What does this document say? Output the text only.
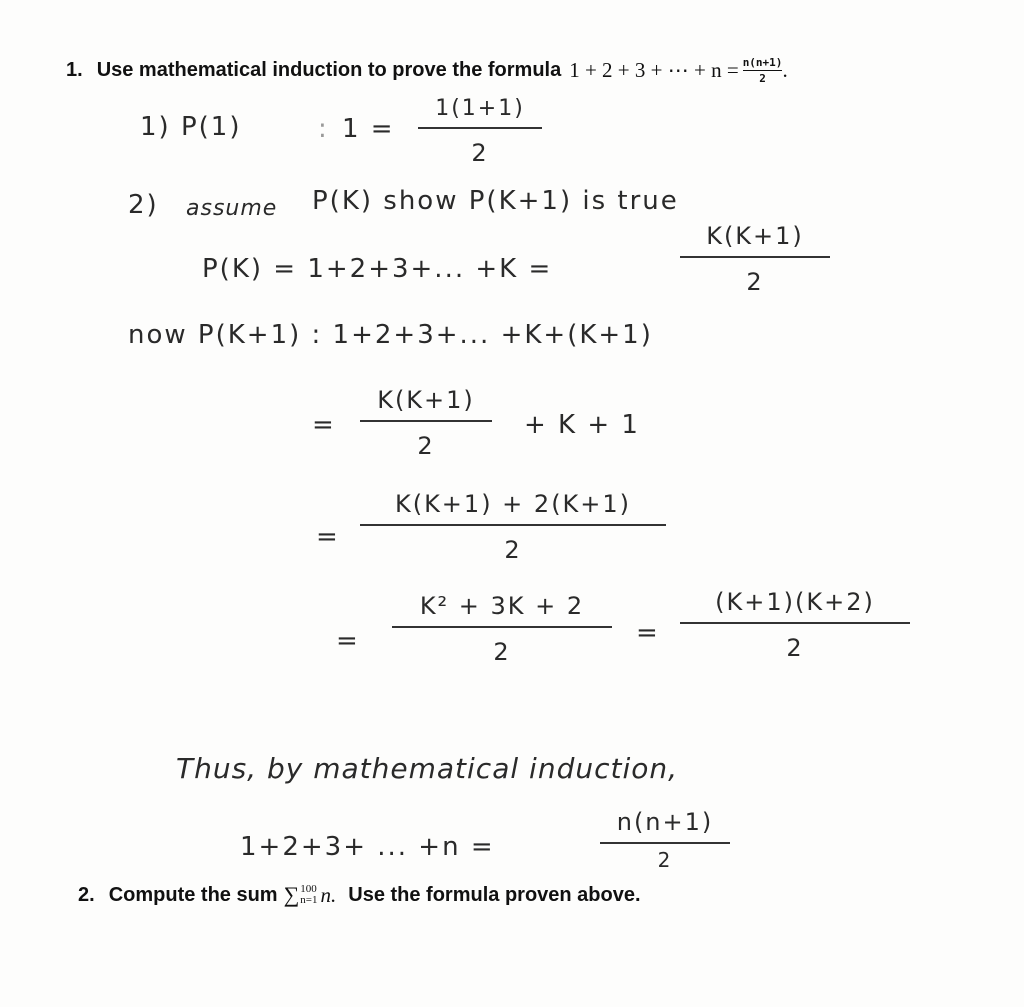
1. Use mathematical induction to prove the formula 1 + 2 + 3 + ⋯ + $n = \frac{n(n+1)}{2}$ .
1) P(1)	: 1 =
1(1+1)
2
2) assume P(K) show P(K+1) is true
P(K) = 1+2+3+... +K =
K(K+1)
2
now P(K+1) : 1+2+3+... +K+(K+1)
=
K(K+1)
2
+ K + 1
=
K(K+1) + 2(K+1)
2
=
K² + 3K + 2
2
=
(K+1)(K+2)
2
Thus, by mathematical induction,
1+2+3+ ... +n =
n(n+1)
2
2. Compute the sum ∑ 100
n=1 n. Use the formula proven above.
